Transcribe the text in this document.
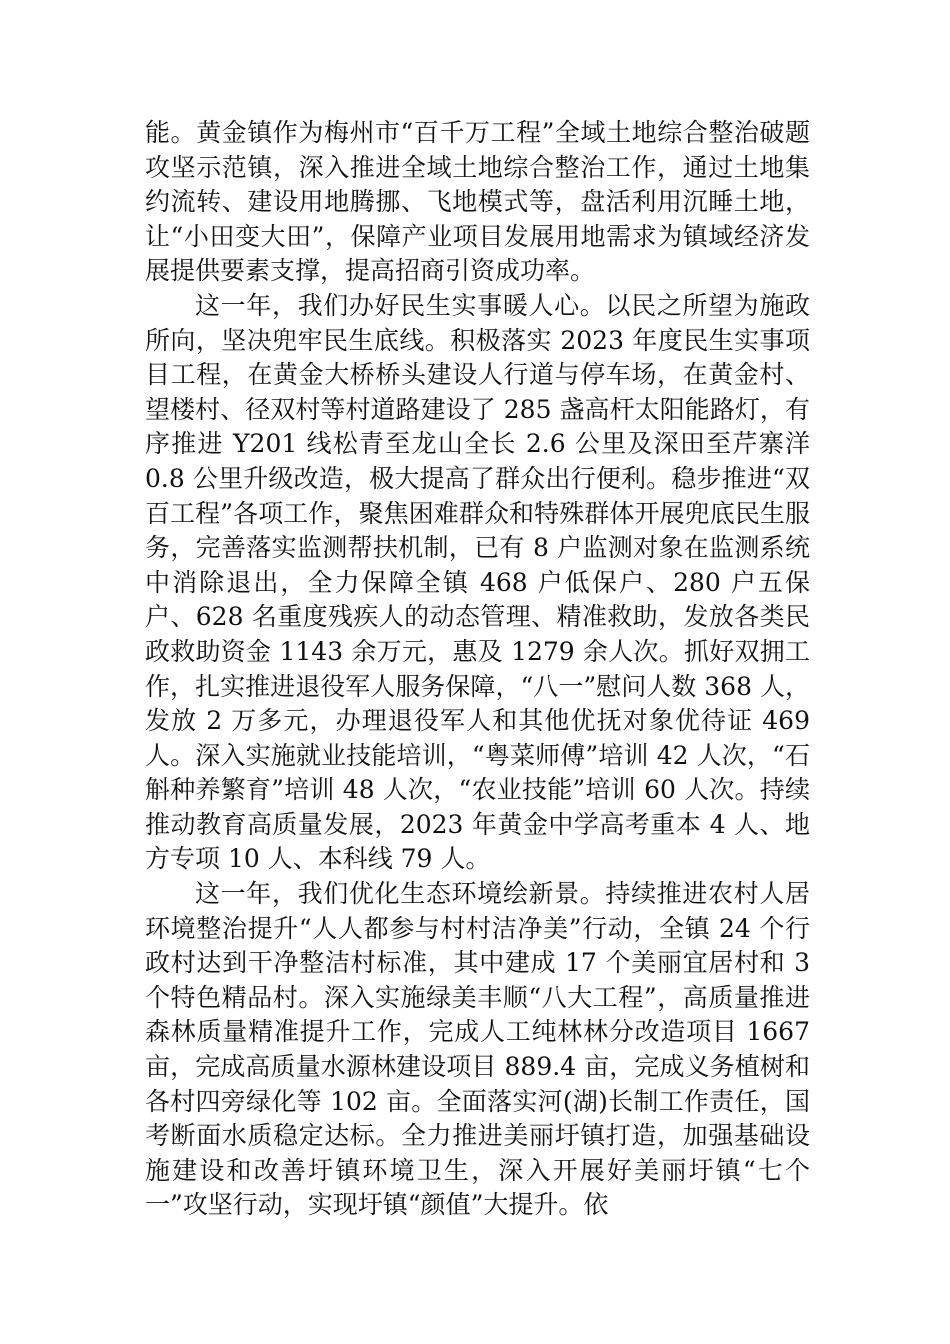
能。黄金镇作为梅州市“百千万工程”全域土地综合整治破题攻坚示范镇，深入推进全域土地综合整治工作，通过土地集约流转、建设用地腾挪、飞地模式等，盘活利用沉睡土地，让“小田变大田”，保障产业项目发展用地需求为镇域经济发展提供要素支撑，提高招商引资成功率。

这一年，我们办好民生实事暖人心。以民之所望为施政所向，坚决兜牢民生底线。积极落实 2023 年度民生实事项目工程，在黄金大桥桥头建设人行道与停车场，在黄金村、望楼村、径双村等村道路建设了 285 盏高杆太阳能路灯，有序推进 Y201 线松青至龙山全长 2.6 公里及深田至芹寨洋 0.8 公里升级改造，极大提高了群众出行便利。稳步推进“双百工程”各项工作，聚焦困难群众和特殊群体开展兜底民生服务，完善落实监测帮扶机制，已有 8 户监测对象在监测系统中消除退出，全力保障全镇 468 户低保户、280 户五保户、628 名重度残疾人的动态管理、精准救助，发放各类民政救助资金 1143 余万元，惠及 1279 余人次。抓好双拥工作，扎实推进退役军人服务保障，“八一”慰问人数 368 人，发放 2 万多元，办理退役军人和其他优抚对象优待证 469 人。深入实施就业技能培训，“粤菜师傅”培训 42 人次，“石斛种养繁育”培训 48 人次，“农业技能”培训 60 人次。持续推动教育高质量发展，2023 年黄金中学高考重本 4 人、地方专项 10 人、本科线 79 人。

这一年，我们优化生态环境绘新景。持续推进农村人居环境整治提升“人人都参与村村洁净美”行动，全镇 24 个行政村达到干净整洁村标准，其中建成 17 个美丽宜居村和 3 个特色精品村。深入实施绿美丰顺“八大工程”，高质量推进森林质量精准提升工作，完成人工纯林林分改造项目 1667 亩，完成高质量水源林建设项目 889.4 亩，完成义务植树和各村四旁绿化等 102 亩。全面落实河(湖)长制工作责任，国考断面水质稳定达标。全力推进美丽圩镇打造，加强基础设施建设和改善圩镇环境卫生，深入开展好美丽圩镇“七个一”攻坚行动，实现圩镇“颜值”大提升。依
